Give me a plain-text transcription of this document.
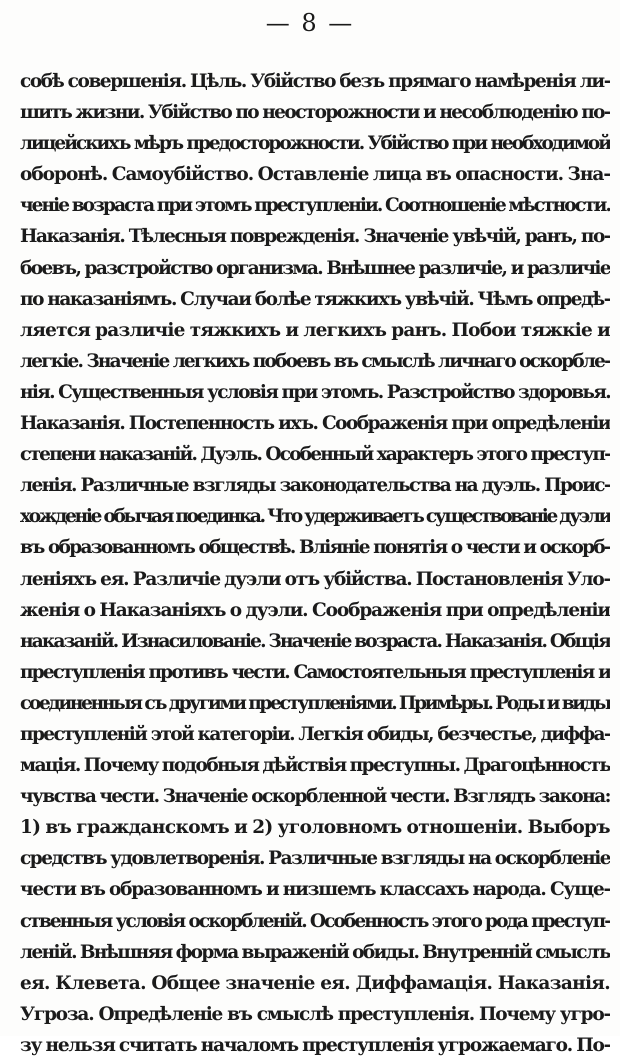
— 8 —
собѣ совершенія. Цѣль. Убійство безъ прямаго намѣренія ли-
шить жизни. Убійство по неосторожности и несоблюденію по-
лицейскихъ мѣръ предосторожности. Убійство при необходимой
оборонѣ. Самоубійство. Оставленіе лица въ опасности. Зна-
ченіе возраста при этомъ преступленіи. Соотношеніе мѣстности.
Наказанія. Тѣлесныя поврежденія. Значеніе увѣчій, ранъ, по-
боевъ, разстройство организма. Внѣшнее различіе, и различіе
по наказаніямъ. Случаи болѣе тяжкихъ увѣчій. Чѣмъ опредѣ-
ляется различіе тяжкихъ и легкихъ ранъ. Побои тяжкіе и
легкіе. Значеніе легкихъ побоевъ въ смыслѣ личнаго оскорбле-
нія. Существенныя условія при этомъ. Разстройство здоровья.
Наказанія. Постепенность ихъ. Соображенія при опредѣленіи
степени наказаній. Дуэль. Особенный характеръ этого преступ-
ленія. Различные взгляды законодательства на дуэль. Проис-
хожденіе обычая поединка. Что удерживаетъ существованіе дуэли
въ образованномъ обществѣ. Вліяніе понятія о чести и оскорб-
леніяхъ ея. Различіе дуэли отъ убійства. Постановленія Уло-
женія о Наказаніяхъ о дуэли. Соображенія при опредѣленіи
наказаній. Изнасилованіе. Значеніе возраста. Наказанія. Общія
преступленія противъ чести. Самостоятельныя преступленія и
соединенныя съ другими преступленіями. Примѣры. Роды и виды
преступленій этой категоріи. Легкія обиды, безчестье, диффа-
мація. Почему подобныя дѣйствія преступны. Драгоцѣнность
чувства чести. Значеніе оскорбленной чести. Взглядъ закона:
1) въ гражданскомъ и 2) уголовномъ отношеніи. Выборъ
средствъ удовлетворенія. Различные взгляды на оскорбленіе
чести въ образованномъ и низшемъ классахъ народа. Суще-
ственныя условія оскорбленій. Особенность этого рода преступ-
леній. Внѣшняя форма выраженій обиды. Внутренній смыслъ
ея. Клевета. Общее значеніе ея. Диффамація. Наказанія.
Угроза. Опредѣленіе въ смыслѣ преступленія. Почему угро-
зу нельзя считать началомъ преступленія угрожаемаго. По-
